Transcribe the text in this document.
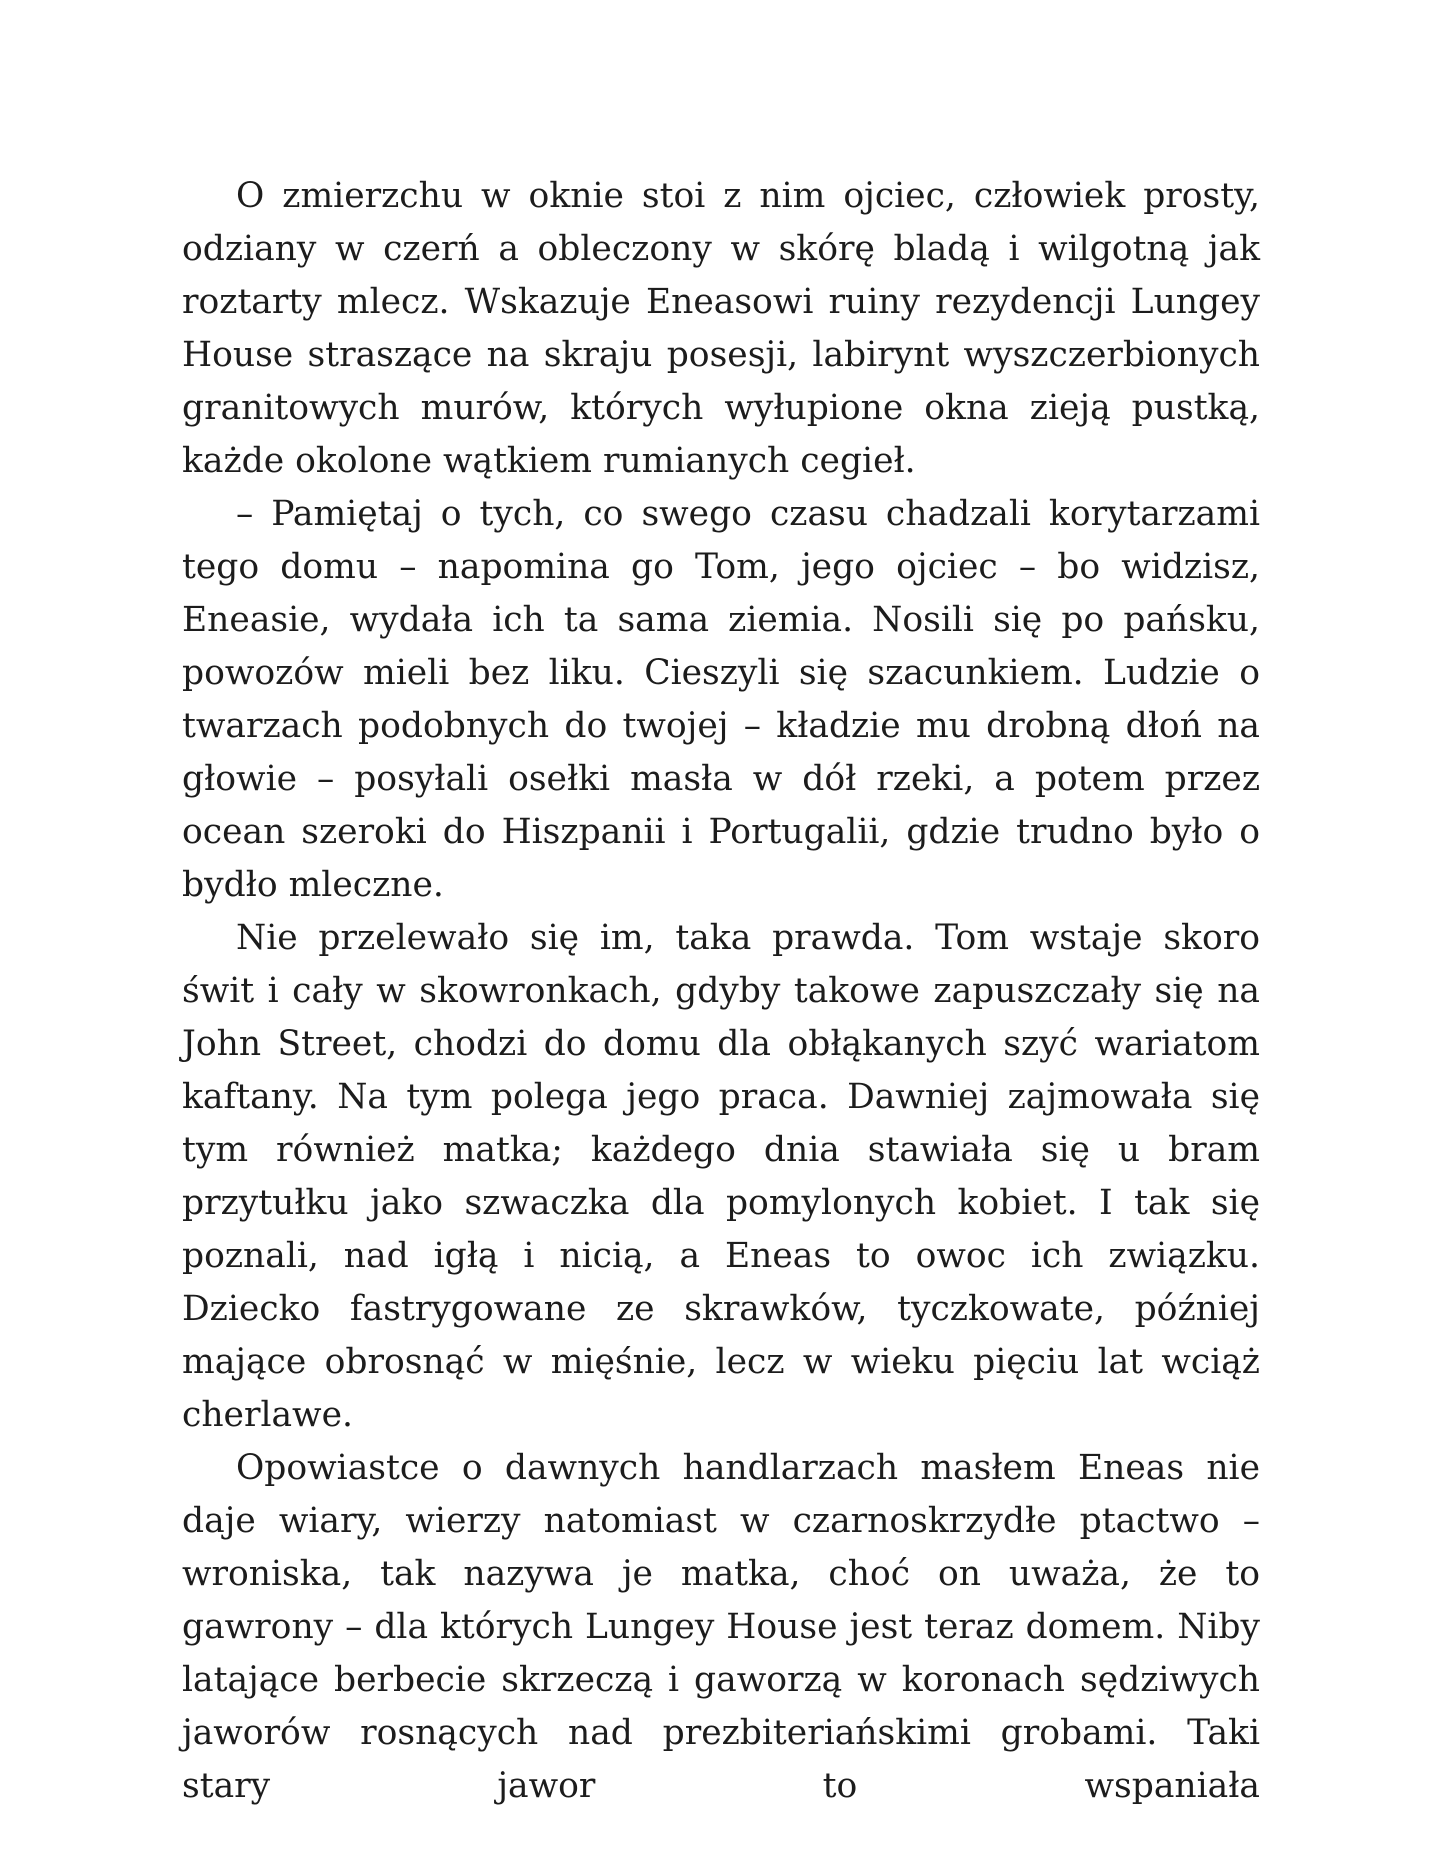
O zmierzchu w oknie stoi z nim ojciec, człowiek prosty, odziany w czerń a obleczony w skórę bladą i wilgotną jak roztarty mlecz. Wskazuje Eneasowi ruiny rezydencji Lungey House straszące na skraju posesji, labirynt wyszczerbionych granitowych murów, których wyłupione okna zieją pustką, każde okolone wątkiem rumianych cegieł.

– Pamiętaj o tych, co swego czasu chadzali korytarzami tego domu – napomina go Tom, jego ojciec – bo widzisz, Eneasie, wydała ich ta sama ziemia. Nosili się po pańsku, powozów mieli bez liku. Cieszyli się szacunkiem. Ludzie o twarzach podobnych do twojej – kładzie mu drobną dłoń na głowie – posyłali osełki masła w dół rzeki, a potem przez ocean szeroki do Hiszpanii i Portugalii, gdzie trudno było o bydło mleczne.

Nie przelewało się im, taka prawda. Tom wstaje skoro świt i cały w skowronkach, gdyby takowe zapuszczały się na John Street, chodzi do domu dla obłąkanych szyć wariatom kaftany. Na tym polega jego praca. Dawniej zajmowała się tym również matka; każdego dnia stawiała się u bram przytułku jako szwaczka dla pomylonych kobiet. I tak się poznali, nad igłą i nicią, a Eneas to owoc ich związku. Dziecko fastrygowane ze skrawków, tyczkowate, później mające obrosnąć w mięśnie, lecz w wieku pięciu lat wciąż cherlawe.

Opowiastce o dawnych handlarzach masłem Eneas nie daje wiary, wierzy natomiast w czarnoskrzydłe ptactwo – wroniska, tak nazywa je matka, choć on uważa, że to gawrony – dla których Lungey House jest teraz domem. Niby latające berbecie skrzeczą i gaworzą w koronach sędziwych jaworów rosnących nad prezbiteriańskimi grobami. Taki stary jawor to wspaniała
